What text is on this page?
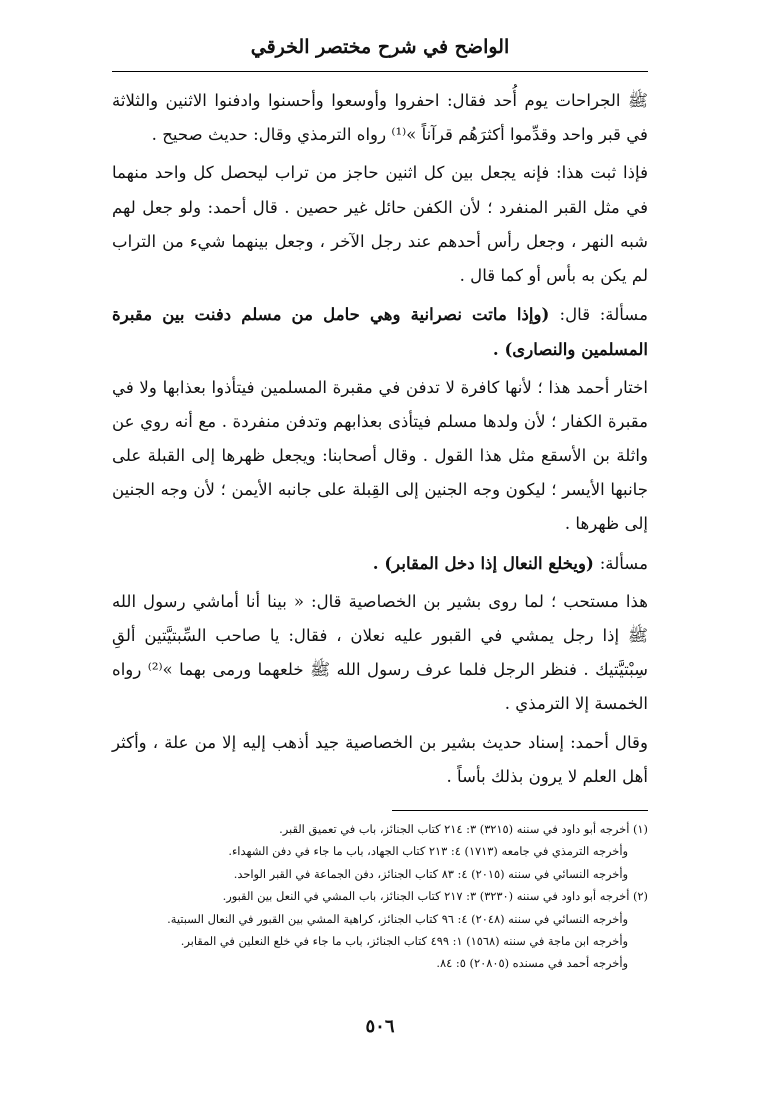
الواضح في شرح مختصر الخرقي

ﷺ الجراحات يوم أُحد فقال: احفروا وأوسعوا وأحسنوا وادفنوا الاثنين والثلاثة في قبر واحد وقدِّموا أكثرَهُم قرآناً »⁽¹⁾ رواه الترمذي وقال: حديث صحيح .

فإذا ثبت هذا: فإنه يجعل بين كل اثنين حاجز من تراب ليحصل كل واحد منهما في مثل القبر المنفرد ؛ لأن الكفن حائل غير حصين . قال أحمد: ولو جعل لهم شبه النهر ، وجعل رأس أحدهم عند رجل الآخر ، وجعل بينهما شيء من التراب لم يكن به بأس أو كما قال .

مسألة: قال: (وإذا ماتت نصرانية وهي حامل من مسلم دفنت بين مقبرة المسلمين والنصارى) .

اختار أحمد هذا ؛ لأنها كافرة لا تدفن في مقبرة المسلمين فيتأذوا بعذابها ولا في مقبرة الكفار ؛ لأن ولدها مسلم فيتأذى بعذابهم وتدفن منفردة . مع أنه روي عن واثلة بن الأسقع مثل هذا القول . وقال أصحابنا: ويجعل ظهرها إلى القبلة على جانبها الأيسر ؛ ليكون وجه الجنين إلى القِبلة على جانبه الأيمن ؛ لأن وجه الجنين إلى ظهرها .

مسألة: (ويخلع النعال إذا دخل المقابر) .

هذا مستحب ؛ لما روى بشير بن الخصاصية قال: « بينا أنا أماشي رسول الله ﷺ إذا رجل يمشي في القبور عليه نعلان ، فقال: يا صاحب السِّبتيَّتين ألقِ سِبْتيَّتيك . فنظر الرجل فلما عرف رسول الله ﷺ خلعهما ورمى بهما »⁽²⁾ رواه الخمسة إلا الترمذي .

وقال أحمد: إسناد حديث بشير بن الخصاصية جيد أذهب إليه إلا من علة ، وأكثر أهل العلم لا يرون بذلك بأساً .

(١) أخرجه أبو داود في سننه (٣٢١٥) ٣: ٢١٤ كتاب الجنائز، باب في تعميق القبر.

وأخرجه الترمذي في جامعه (١٧١٣) ٤: ٢١٣ كتاب الجهاد، باب ما جاء في دفن الشهداء.

وأخرجه النسائي في سننه (٢٠١٥) ٤: ٨٣ كتاب الجنائز، دفن الجماعة في القبر الواحد.

(٢) أخرجه أبو داود في سننه (٣٢٣٠) ٣: ٢١٧ كتاب الجنائز، باب المشي في النعل بين القبور.

وأخرجه النسائي في سننه (٢٠٤٨) ٤: ٩٦ كتاب الجنائز، كراهية المشي بين القبور في النعال السبتية.

وأخرجه ابن ماجة في سننه (١٥٦٨) ١: ٤٩٩ كتاب الجنائز، باب ما جاء في خلع النعلين في المقابر.

وأخرجه أحمد في مسنده (٢٠٨٠٥) ٥: ٨٤.

٥٠٦
